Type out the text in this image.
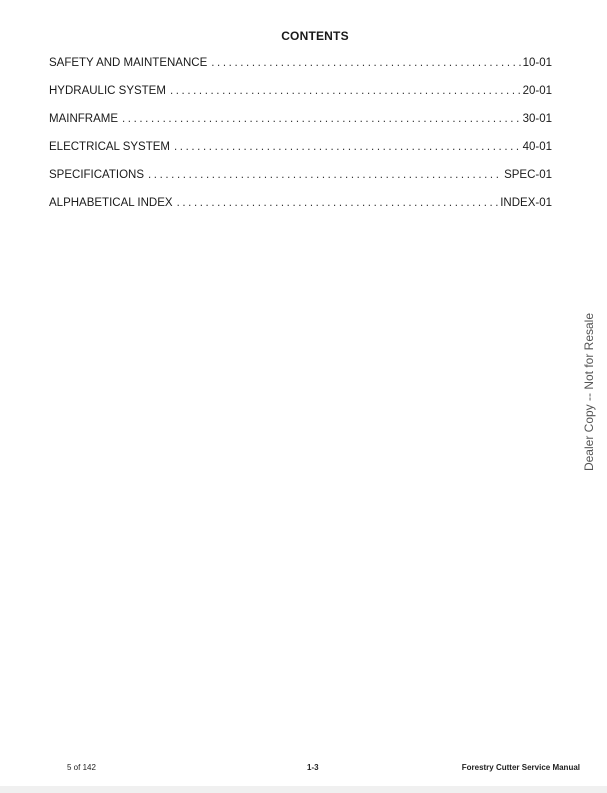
CONTENTS
SAFETY AND MAINTENANCE .....	10-01
HYDRAULIC SYSTEM .....	20-01
MAINFRAME .....	30-01
ELECTRICAL SYSTEM .....	40-01
SPECIFICATIONS .....	SPEC-01
ALPHABETICAL INDEX .....	INDEX-01
Dealer Copy -- Not for Resale
5 of 142	1-3	Forestry Cutter Service Manual
